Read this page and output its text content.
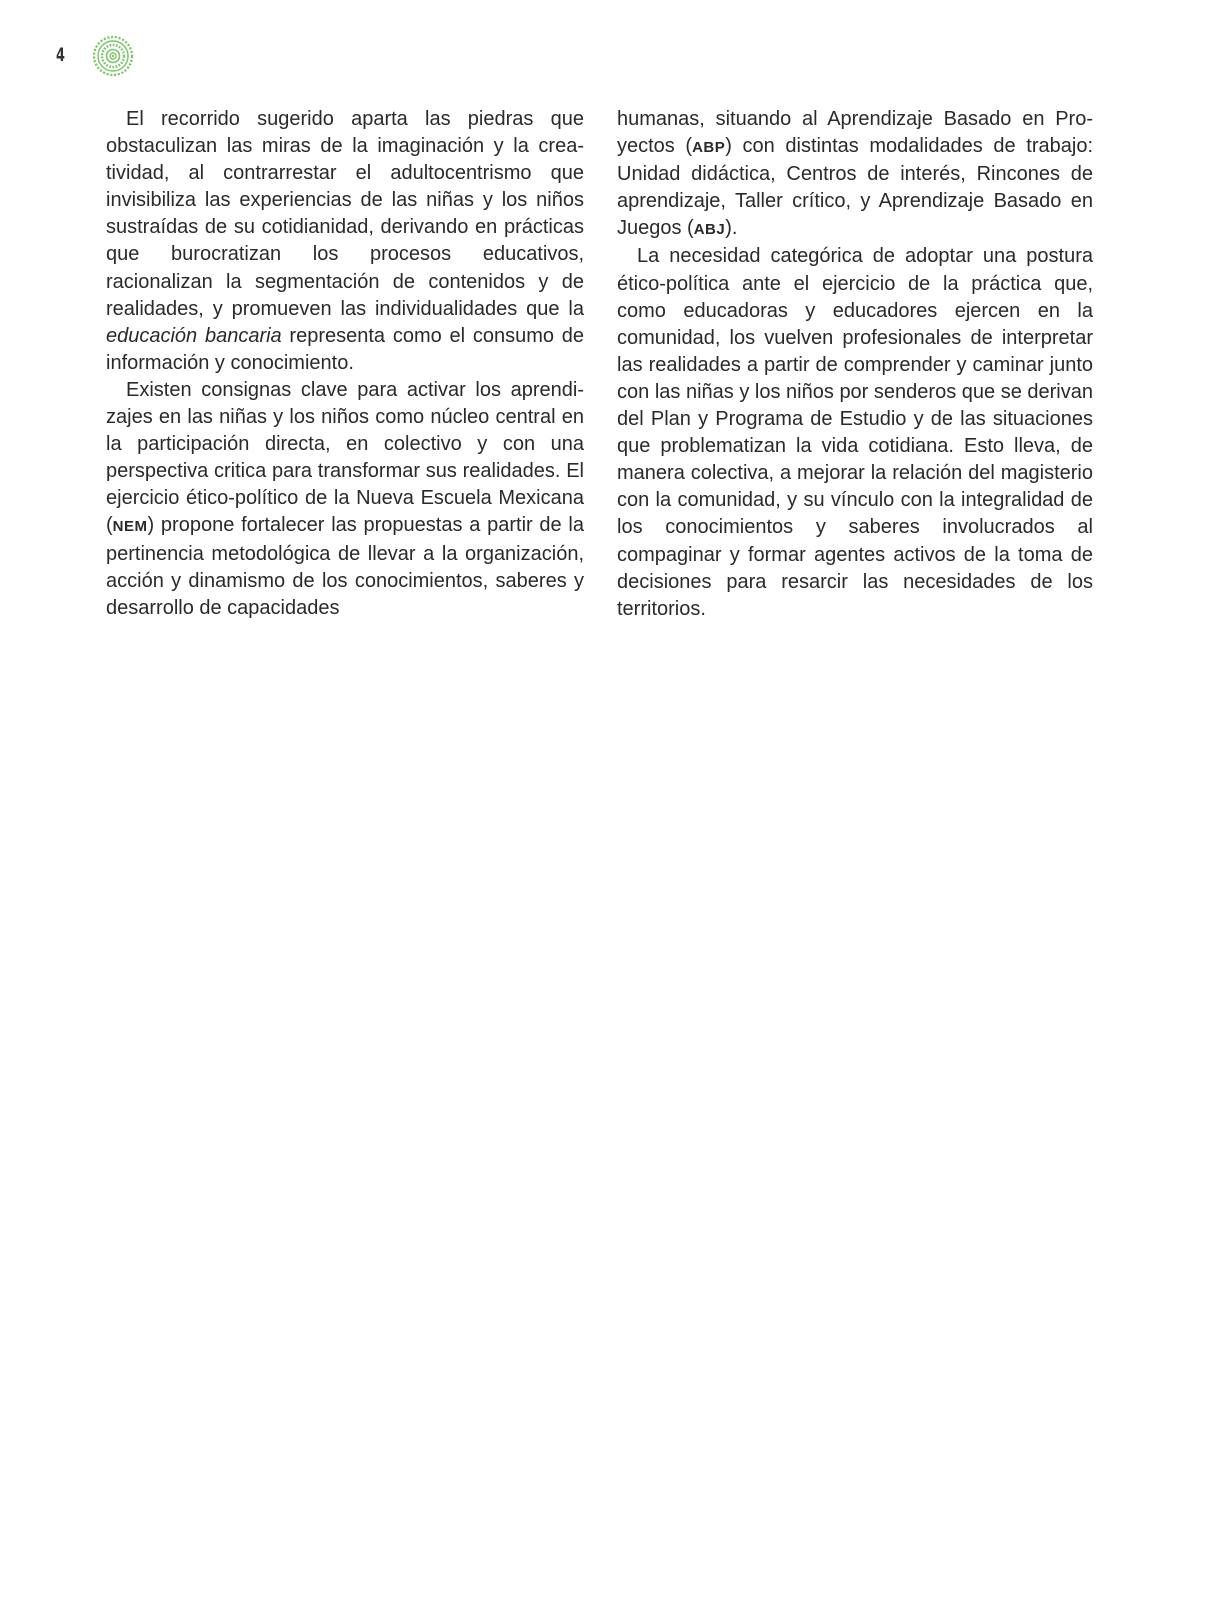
4

El recorrido sugerido aparta las piedras que obstaculizan las miras de la imaginación y la creatividad, al contrarrestar el adultocentrismo que invisibiliza las experiencias de las niñas y los niños sustraídas de su cotidianidad, derivando en prácticas que burocratizan los procesos educativos, racionalizan la segmentación de contenidos y de realidades, y promueven las individualidades que la educación bancaria representa como el consumo de información y conocimiento.

Existen consignas clave para activar los aprendizajes en las niñas y los niños como núcleo central en la participación directa, en colectivo y con una perspectiva critica para transformar sus realidades. El ejercicio ético-político de la Nueva Escuela Mexicana (NEM) propone fortalecer las propuestas a partir de la pertinencia metodológica de llevar a la organización, acción y dinamismo de los conocimientos, saberes y desarrollo de capacidades

humanas, situando al Aprendizaje Basado en Proyectos (ABP) con distintas modalidades de trabajo: Unidad didáctica, Centros de interés, Rincones de aprendizaje, Taller crítico, y Aprendizaje Basado en Juegos (ABJ).

La necesidad categórica de adoptar una postura ético-política ante el ejercicio de la práctica que, como educadoras y educadores ejercen en la comunidad, los vuelven profesionales de interpretar las realidades a partir de comprender y caminar junto con las niñas y los niños por senderos que se derivan del Plan y Programa de Estudio y de las situaciones que problematizan la vida cotidiana. Esto lleva, de manera colectiva, a mejorar la relación del magisterio con la comunidad, y su vínculo con la integralidad de los conocimientos y saberes involucrados al compaginar y formar agentes activos de la toma de decisiones para resarcir las necesidades de los territorios.
